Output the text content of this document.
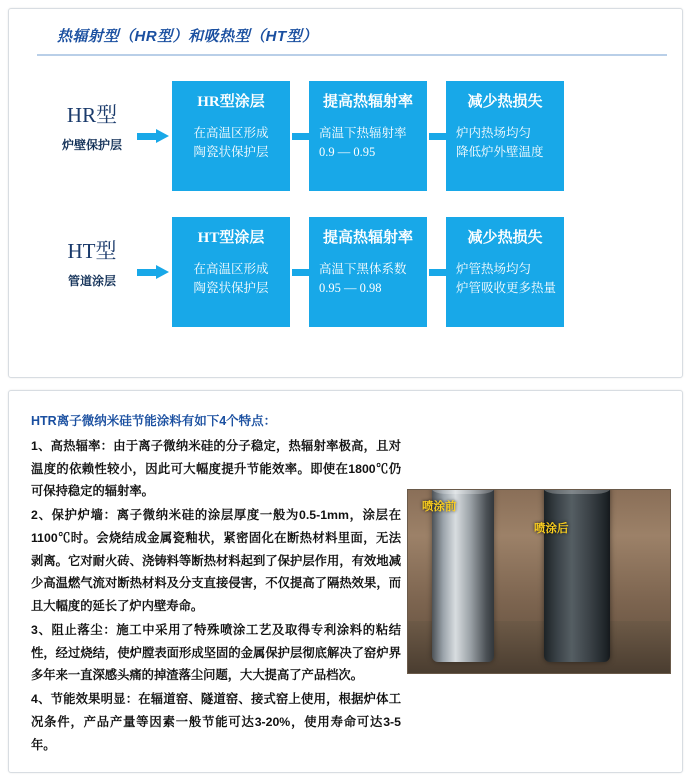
热辐射型（HR型）和吸热型（HT型）
HR型
炉壁保护层
HR型涂层
在高温区形成
陶瓷状保护层
提高热辐射率
高温下热辐射率
0.9 — 0.95
减少热损失
炉内热场均匀
降低炉外壁温度
HT型
管道涂层
HT型涂层
在高温区形成
陶瓷状保护层
提高热辐射率
高温下黑体系数
0.95 — 0.98
减少热损失
炉管热场均匀
炉管吸收更多热量
HTR离子微纳米硅节能涂料有如下4个特点：

1、高热辐率：由于离子微纳米硅的分子稳定，热辐射率极高，且对温度的依赖性较小，因此可大幅度提升节能效率。即使在1800℃仍可保持稳定的辐射率。

2、保护炉墙：离子微纳米硅的涂层厚度一般为0.5-1mm，涂层在1100℃时。会烧结成金属瓷釉状，紧密固化在断热材料里面，无法剥离。它对耐火砖、浇铸料等断热材料起到了保护层作用，有效地减少高温燃气流对断热材料及分支直接侵害，不仅提高了隔热效果，而且大幅度的延长了炉内壁寿命。

3、阻止落尘：施工中采用了特殊喷涂工艺及取得专利涂料的粘结性，经过烧结，使炉膛表面形成坚固的金属保护层彻底解决了窑炉界多年来一直深感头痛的掉渣落尘问题，大大提高了产品档次。

4、节能效果明显：在辐道窑、隧道窑、接式窑上使用，根据炉体工况条件，产品产量等因素一般节能可达3-20%，使用寿命可达3-5年。

喷涂前
喷涂后
